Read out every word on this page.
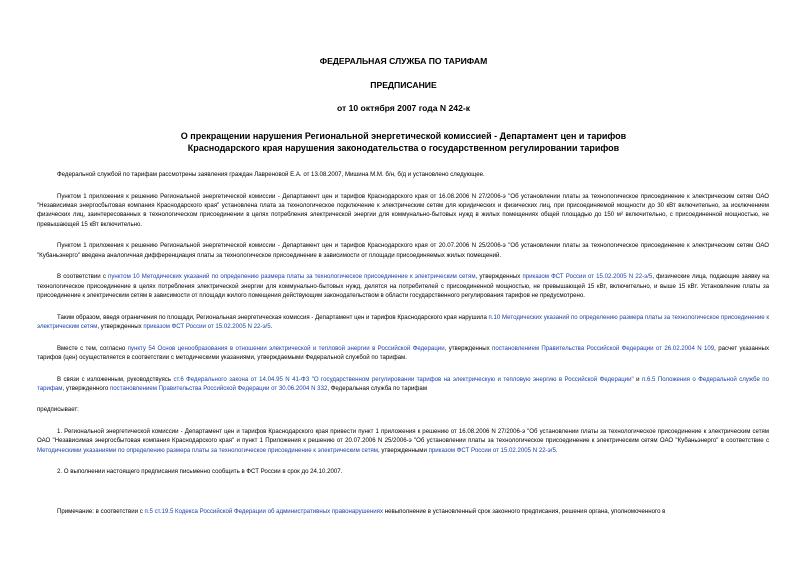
ФЕДЕРАЛЬНАЯ СЛУЖБА ПО ТАРИФАМ
ПРЕДПИСАНИЕ
от 10 октября 2007 года N 242-к
О прекращении нарушения Региональной энергетической комиссией - Департамент цен и тарифов
Краснодарского края нарушения законодательства о государственном регулировании тарифов

Федеральной службой по тарифам рассмотрены заявления граждан Лавреновой Е.А. от 13.08.2007, Мишина М.М. б/н, б/д и установлено следующее.

Пунктом 1 приложения к решению Региональной энергетической комиссии - Департамент цен и тарифов Краснодарского края от 16.08.2006 N 27/2006-э "Об установлении платы за технологическое присоединение к электрическим сетям ОАО "Независимая энергосбытовая компания Краснодарского края" установлена плата за технологическое подключение к электрическим сетям для юридических и физических лиц, при присоединяемой мощности до 30 кВт включительно, за исключением физических лиц, заинтересованных в технологическом присоединении в целях потребления электрической энергии для коммунально-бытовых нужд в жилых помещениях общей площадью до 150 м² включительно, с присоединенной мощностью, не превышающей 15 кВт включительно.

Пунктом 1 приложения к решению Региональной энергетической комиссии - Департамент цен и тарифов Краснодарского края от 20.07.2006 N 25/2006-э "Об установлении платы за технологическое присоединение к электрическим сетям ОАО "Кубаньэнерго" введена аналогичная дифференциация платы за технологическое присоединение в зависимости от площади присоединяемых жилых помещений.

В соответствии с пунктом 10 Методических указаний по определению размера платы за технологическое присоединение к электрическим сетям, утвержденных приказом ФСТ России от 15.02.2005 N 22-э/5, физические лица, подающие заявку на технологическое присоединение в целях потребления электрической энергии для коммунально-бытовых нужд, делятся на потребителей с присоединенной мощностью, не превышающей 15 кВт, включительно, и выше 15 кВт. Установление платы за присоединение к электрическим сетям в зависимости от площади жилого помещения действующим законодательством в области государственного регулирования тарифов не предусмотрено.

Таким образом, введя ограничения по площади, Региональная энергетическая комиссия - Департамент цен и тарифов Краснодарского края нарушила п.10 Методических указаний по определению размера платы за технологическое присоединение к электрическим сетям, утвержденных приказом ФСТ России от 15.02.2005 N 22-э/5.

Вместе с тем, согласно пункту 54 Основ ценообразования в отношении электрической и тепловой энергии в Российской Федерации, утвержденных постановлением Правительства Российской Федерации от 26.02.2004 N 109, расчет указанных тарифов (цен) осуществляется в соответствии с методическими указаниями, утверждаемыми Федеральной службой по тарифам.

В связи с изложенным, руководствуясь ст.6 Федерального закона от 14.04.95 N 41-ФЗ "О государственном регулировании тарифов на электрическую и тепловую энергию в Российской Федерации" и п.6.5 Положения о Федеральной службе по тарифам, утвержденного постановлением Правительства Российской Федерации от 30.06.2004 N 332, Федеральная служба по тарифам

предписывает:

1. Региональной энергетической комиссии - Департамент цен и тарифов Краснодарского края привести пункт 1 приложения к решению от 16.08.2006 N 27/2006-э "Об установлении платы за технологическое присоединение к электрическим сетям ОАО "Независимая энергосбытовая компания Краснодарского края" и пункт 1 Приложения к решению от 20.07.2006 N 25/2006-э "Об установлении платы за технологическое присоединение к электрическим сетям ОАО "Кубаньэнерго" в соответствие с Методическими указаниями по определению размера платы за технологическое присоединение к электрическим сетям, утвержденными приказом ФСТ России от 15.02.2005 N 22-э/5.

2. О выполнении настоящего предписания письменно сообщить в ФСТ России в срок до 24.10.2007.

Примечание: в соответствии с п.5 ст.19.5 Кодекса Российской Федерации об административных правонарушениях невыполнение в установленный срок законного предписания, решения органа, уполномоченного в
